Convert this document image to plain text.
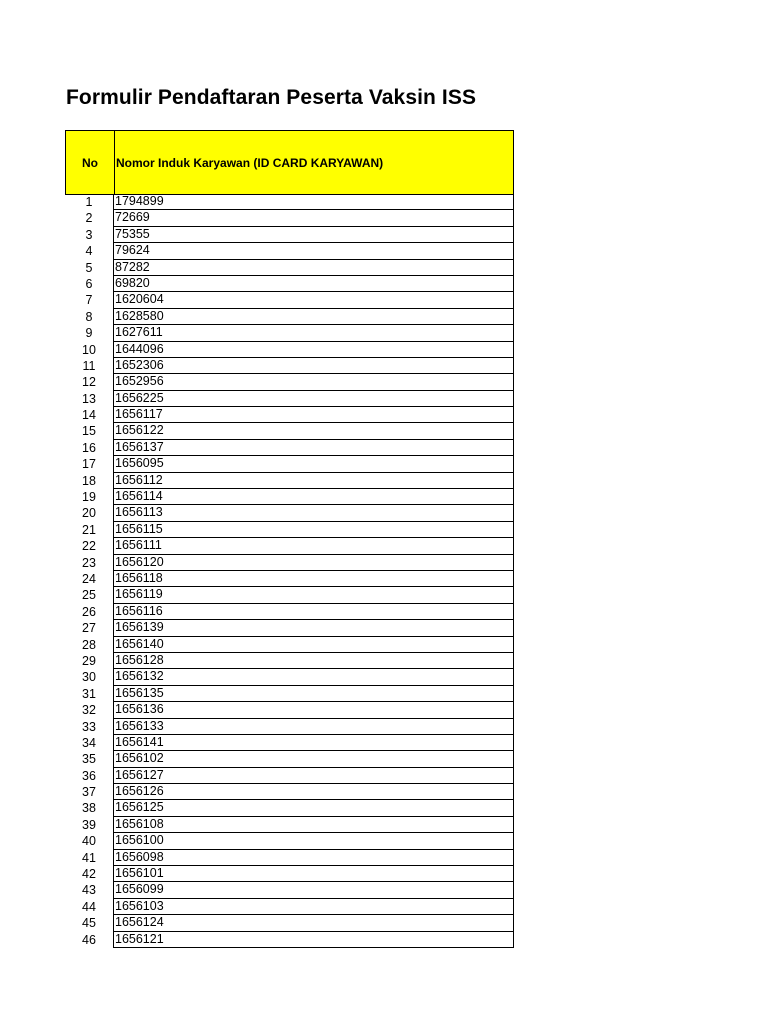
Formulir Pendaftaran Peserta Vaksin ISS
No	Nomor Induk Karyawan (ID CARD KARYAWAN)
1	1794899
2	72669
3	75355
4	79624
5	87282
6	69820
7	1620604
8	1628580
9	1627611
10	1644096
11	1652306
12	1652956
13	1656225
14	1656117
15	1656122
16	1656137
17	1656095
18	1656112
19	1656114
20	1656113
21	1656115
22	1656111
23	1656120
24	1656118
25	1656119
26	1656116
27	1656139
28	1656140
29	1656128
30	1656132
31	1656135
32	1656136
33	1656133
34	1656141
35	1656102
36	1656127
37	1656126
38	1656125
39	1656108
40	1656100
41	1656098
42	1656101
43	1656099
44	1656103
45	1656124
46	1656121
